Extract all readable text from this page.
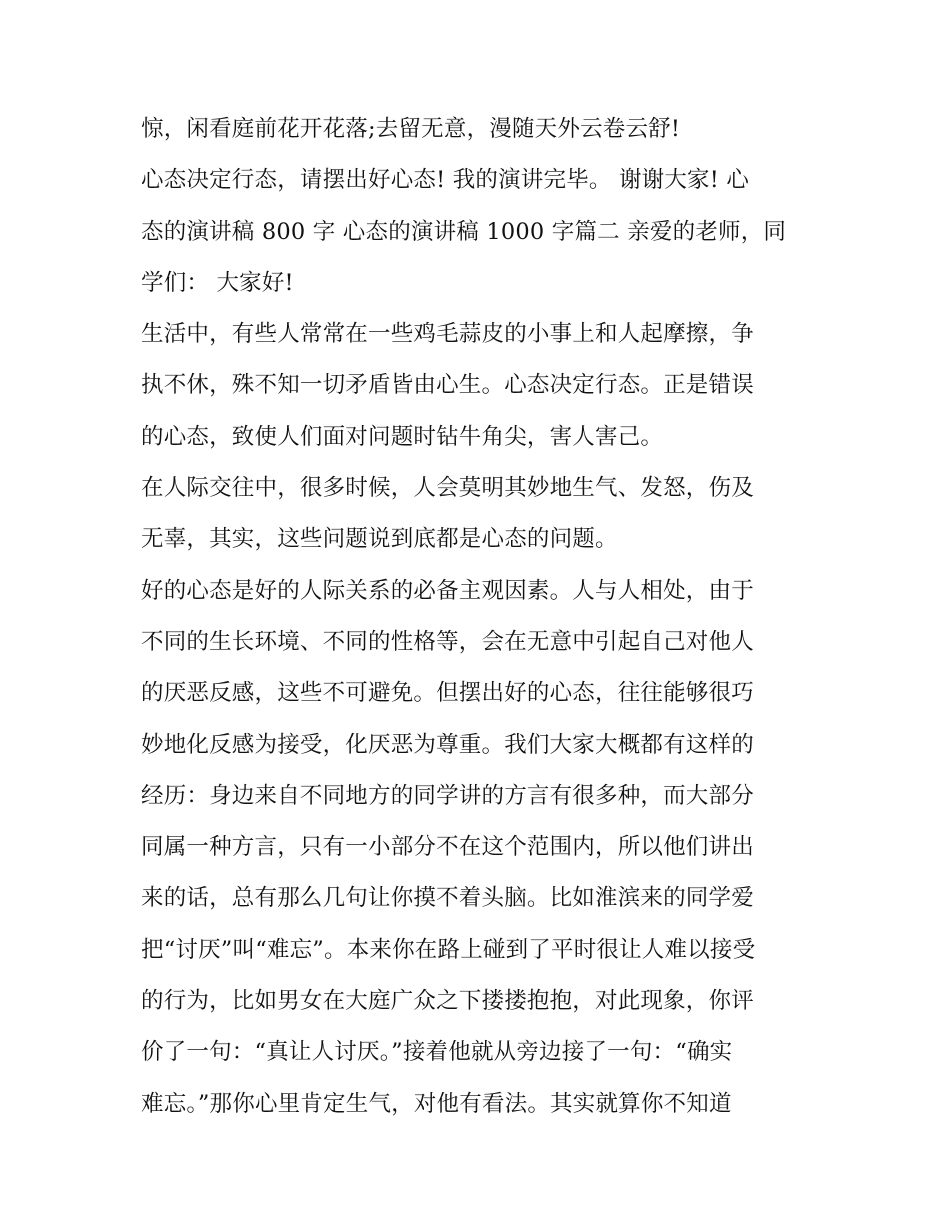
惊，闲看庭前花开花落;去留无意，漫随天外云卷云舒!
心态决定行态，请摆出好心态! 我的演讲完毕。 谢谢大家! 心
态的演讲稿 800 字 心态的演讲稿 1000 字篇二 亲爱的老师，同
学们： 大家好!
生活中，有些人常常在一些鸡毛蒜皮的小事上和人起摩擦，争
执不休，殊不知一切矛盾皆由心生。心态决定行态。正是错误
的心态，致使人们面对问题时钻牛角尖，害人害己。
在人际交往中，很多时候，人会莫明其妙地生气、发怒，伤及
无辜，其实，这些问题说到底都是心态的问题。
好的心态是好的人际关系的必备主观因素。人与人相处，由于
不同的生长环境、不同的性格等，会在无意中引起自己对他人
的厌恶反感，这些不可避免。但摆出好的心态，往往能够很巧
妙地化反感为接受，化厌恶为尊重。我们大家大概都有这样的
经历：身边来自不同地方的同学讲的方言有很多种，而大部分
同属一种方言，只有一小部分不在这个范围内，所以他们讲出
来的话，总有那么几句让你摸不着头脑。比如淮滨来的同学爱
把“讨厌”叫“难忘”。本来你在路上碰到了平时很让人难以接受
的行为，比如男女在大庭广众之下搂搂抱抱，对此现象，你评
价了一句：“真让人讨厌。”接着他就从旁边接了一句：“确实
难忘。”那你心里肯定生气，对他有看法。其实就算你不知道
